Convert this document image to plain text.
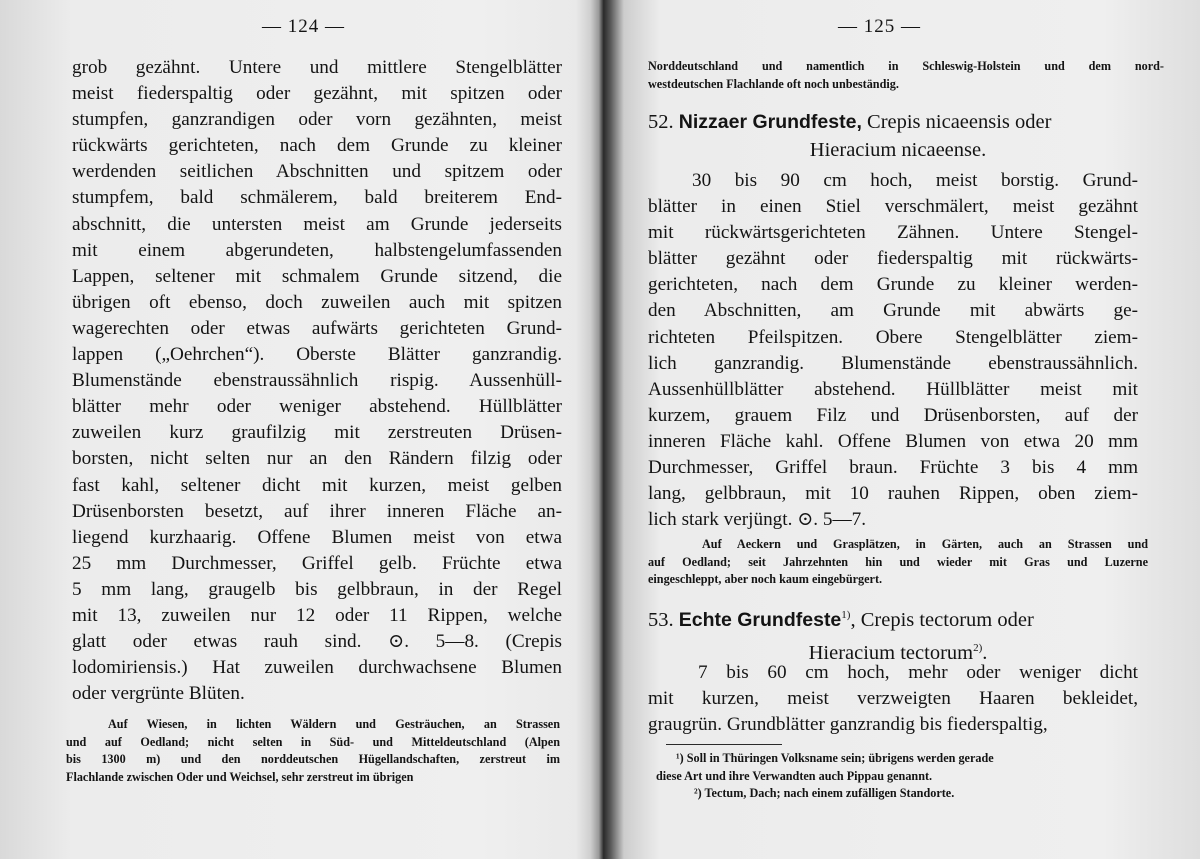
— 124 —
grob gezähnt. Untere und mittlere Stengelblätter
meist fiederspaltig oder gezähnt, mit spitzen oder
stumpfen, ganzrandigen oder vorn gezähnten, meist
rückwärts gerichteten, nach dem Grunde zu kleiner
werdenden seitlichen Abschnitten und spitzem oder
stumpfem, bald schmälerem, bald breiterem End-
abschnitt, die untersten meist am Grunde jederseits
mit einem abgerundeten, halbstengelumfassenden
Lappen, seltener mit schmalem Grunde sitzend, die
übrigen oft ebenso, doch zuweilen auch mit spitzen
wagerechten oder etwas aufwärts gerichteten Grund-
lappen („Oehrchen“). Oberste Blätter ganzrandig.
Blumenstände ebenstraussähnlich rispig. Aussenhüll-
blätter mehr oder weniger abstehend. Hüllblätter
zuweilen kurz graufilzig mit zerstreuten Drüsen-
borsten, nicht selten nur an den Rändern filzig oder
fast kahl, seltener dicht mit kurzen, meist gelben
Drüsenborsten besetzt, auf ihrer inneren Fläche an-
liegend kurzhaarig. Offene Blumen meist von etwa
25 mm Durchmesser, Griffel gelb. Früchte etwa
5 mm lang, graugelb bis gelbbraun, in der Regel
mit 13, zuweilen nur 12 oder 11 Rippen, welche
glatt oder etwas rauh sind. ⊙. 5—8. (Crepis
lodomiriensis.) Hat zuweilen durchwachsene Blumen
oder vergrünte Blüten.
Auf Wiesen, in lichten Wäldern und Gesträuchen, an Strassen
und auf Oedland; nicht selten in Süd- und Mitteldeutschland (Alpen
bis 1300 m) und den norddeutschen Hügellandschaften, zerstreut im
Flachlande zwischen Oder und Weichsel, sehr zerstreut im übrigen
— 125 —
Norddeutschland und namentlich in Schleswig-Holstein und dem nord-
westdeutschen Flachlande oft noch unbeständig.
52. Nizzaer Grundfeste, Crepis nicaeensis oder
Hieracium nicaeense.
30 bis 90 cm hoch, meist borstig. Grund-
blätter in einen Stiel verschmälert, meist gezähnt
mit rückwärtsgerichteten Zähnen. Untere Stengel-
blätter gezähnt oder fiederspaltig mit rückwärts-
gerichteten, nach dem Grunde zu kleiner werden-
den Abschnitten, am Grunde mit abwärts ge-
richteten Pfeilspitzen. Obere Stengelblätter ziem-
lich ganzrandig. Blumenstände ebenstraussähnlich.
Aussenhüllblätter abstehend. Hüllblätter meist mit
kurzem, grauem Filz und Drüsenborsten, auf der
inneren Fläche kahl. Offene Blumen von etwa 20 mm
Durchmesser, Griffel braun. Früchte 3 bis 4 mm
lang, gelbbraun, mit 10 rauhen Rippen, oben ziem-
lich stark verjüngt. ⊙. 5—7.
Auf Aeckern und Grasplätzen, in Gärten, auch an Strassen und
auf Oedland; seit Jahrzehnten hin und wieder mit Gras und Luzerne
eingeschleppt, aber noch kaum eingebürgert.
53. Echte Grundfeste$^{1)}$, Crepis tectorum oder
Hieracium tectorum$^{2)}$.
7 bis 60 cm hoch, mehr oder weniger dicht
mit kurzen, meist verzweigten Haaren bekleidet,
graugrün. Grundblätter ganzrandig bis fiederspaltig,
¹) Soll in Thüringen Volksname sein; übrigens werden gerade
diese Art und ihre Verwandten auch Pippau genannt.
²) Tectum, Dach; nach einem zufälligen Standorte.
